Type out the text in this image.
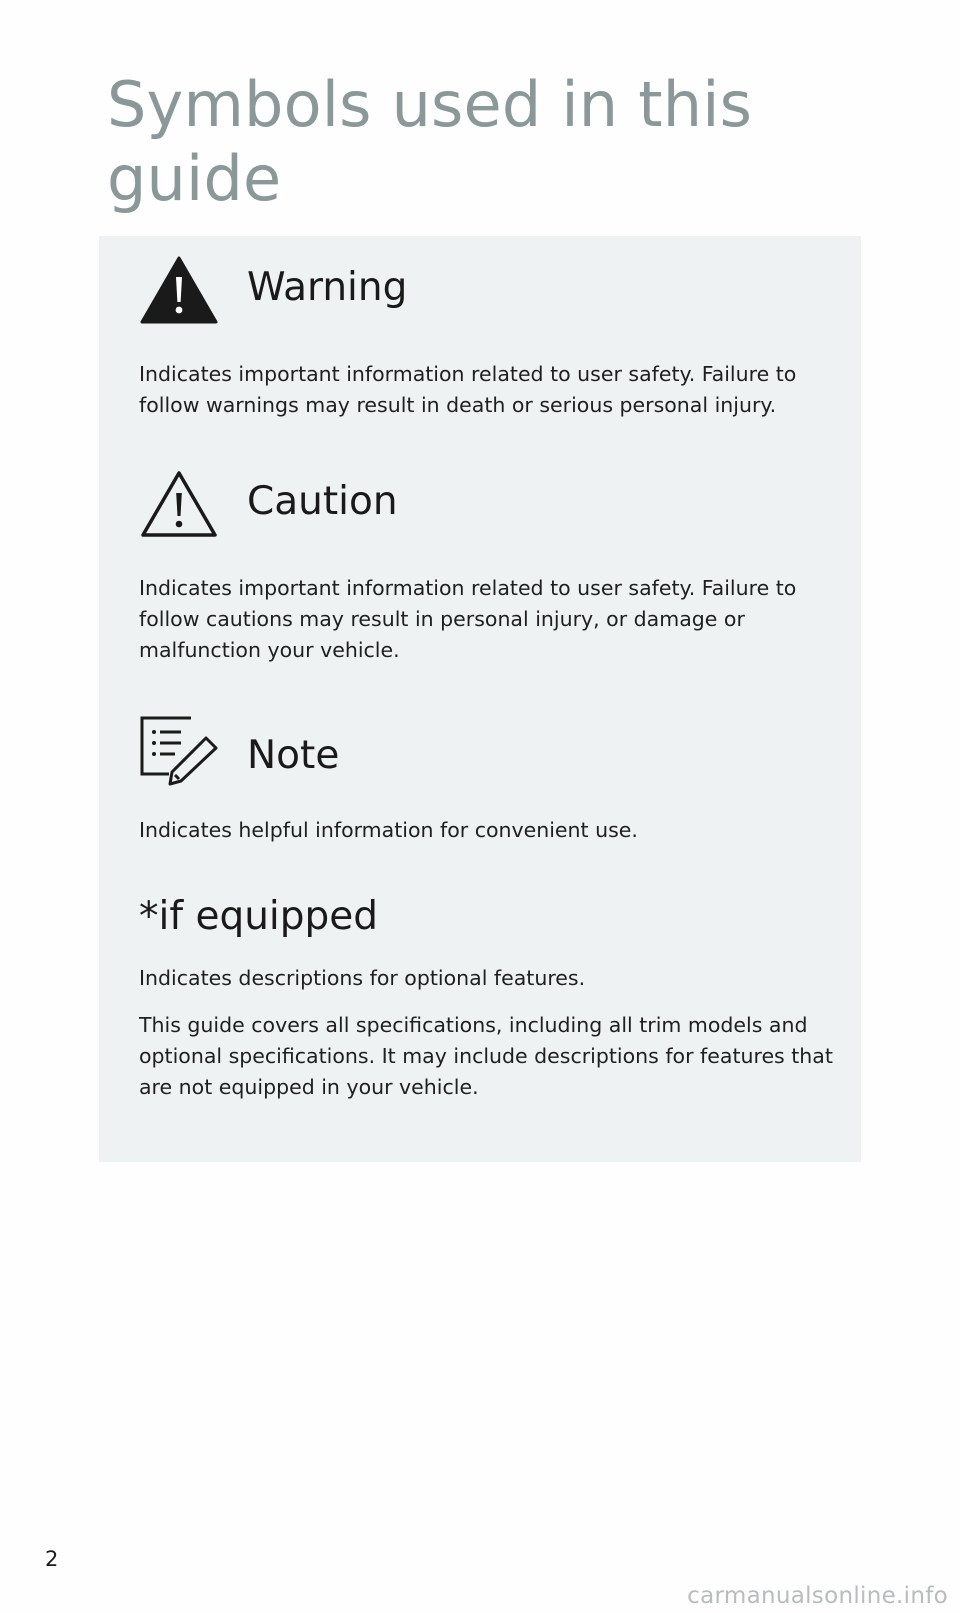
Symbols used in this guide
Warning

Indicates important information related to user safety. Failure to follow warnings may result in death or serious personal injury.

Caution

Indicates important information related to user safety. Failure to follow cautions may result in personal injury, or damage or malfunction your vehicle.

Note

Indicates helpful information for convenient use.

*if equipped

Indicates descriptions for optional features.

This guide covers all specifications, including all trim models and optional specifications. It may include descriptions for features that are not equipped in your vehicle.

2
carmanualsonline.info
